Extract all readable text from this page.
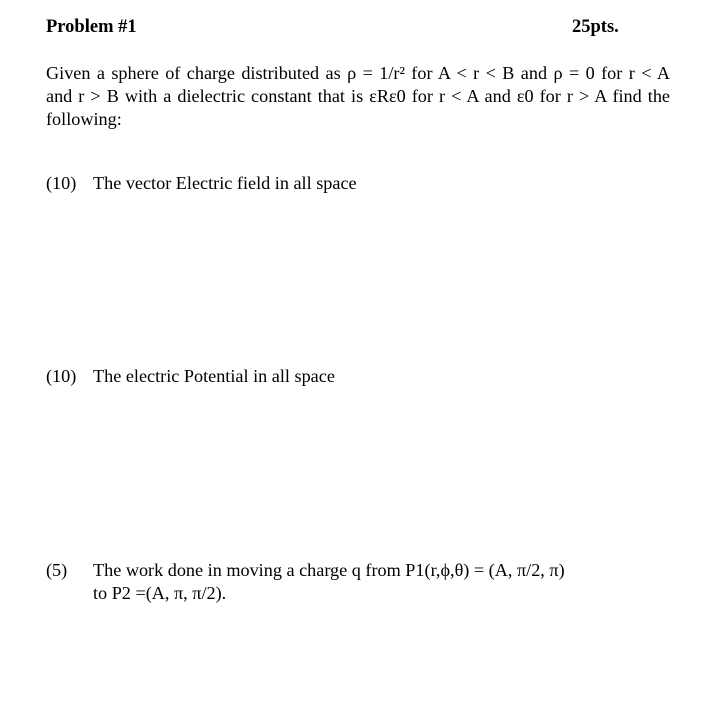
Problem #1	25pts.
Given a sphere of charge distributed as ρ = 1/r² for A < r < B and ρ = 0 for r < A
and r > B with a dielectric constant that is εRε0 for r < A and ε0 for r > A find the
following:
(10) The vector Electric field in all space
(10) The electric Potential in all space
(5) The work done in moving a charge q from P1(r,ϕ,θ) = (A, π/2, π)
to P2 =(A, π, π/2).
